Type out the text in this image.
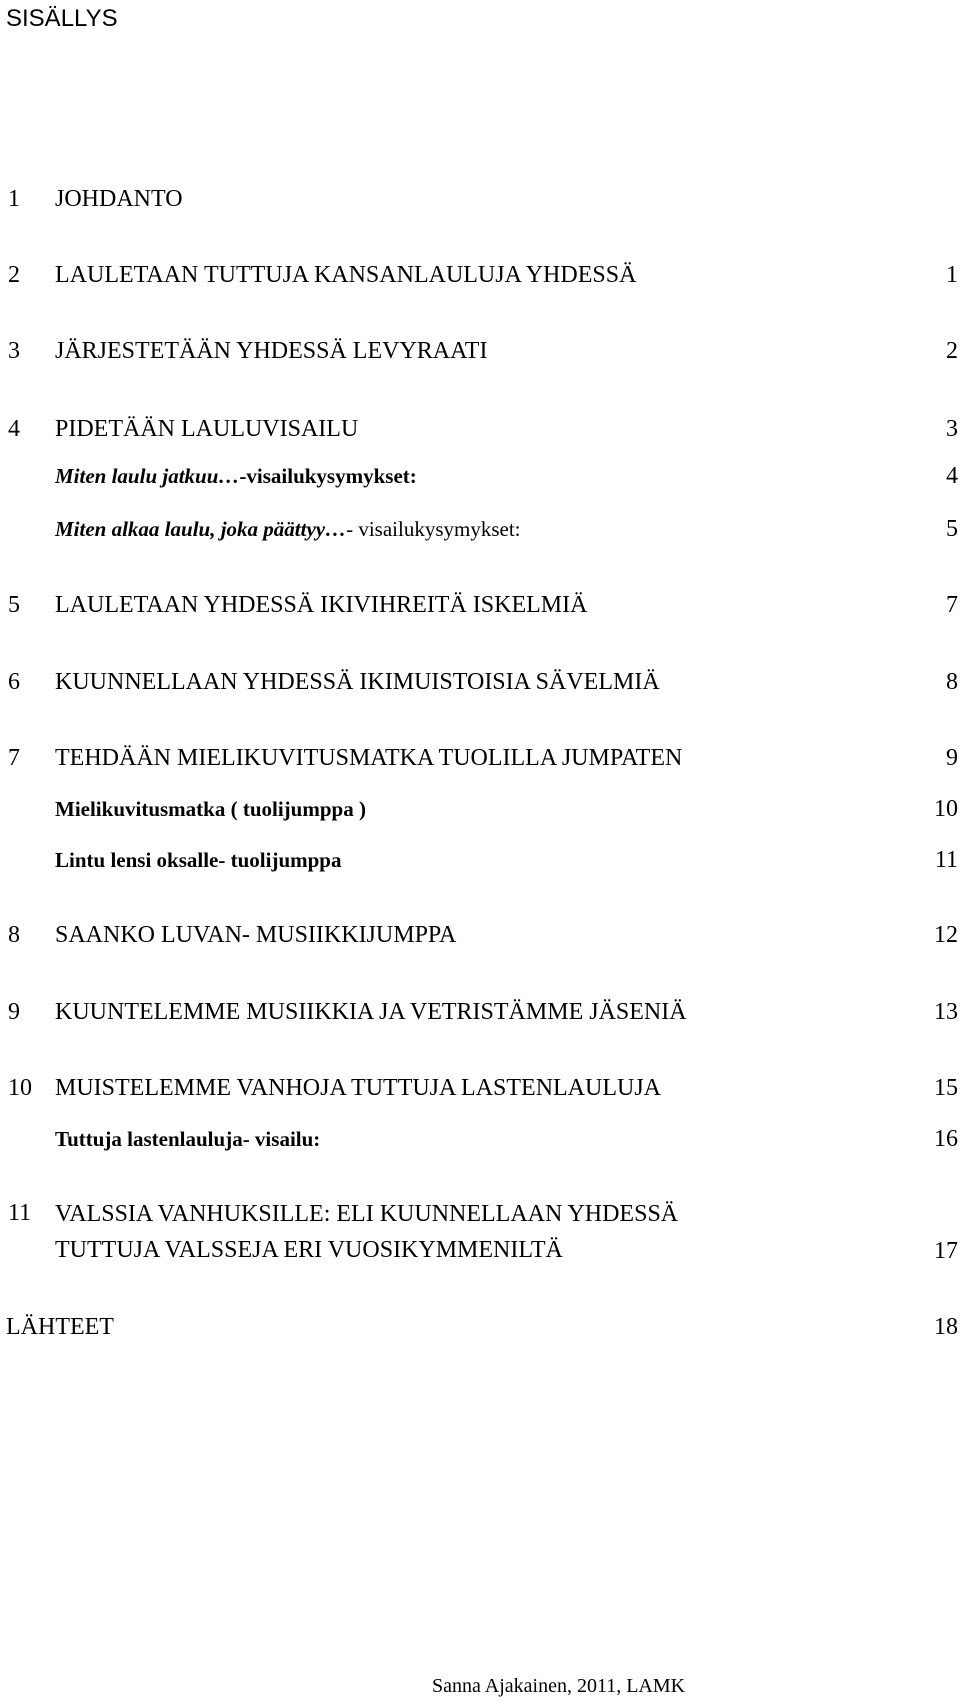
SISÄLLYS
1 JOHDANTO
2 LAULETAAN TUTTUJA KANSANLAULUJA YHDESSÄ	1
3 JÄRJESTETÄÄN YHDESSÄ LEVYRAATI	2
4 PIDETÄÄN LAULUVISAILU	3
Miten laulu jatkuu…-visailukysymykset:	4
Miten alkaa laulu, joka päättyy…- visailukysymykset:	5
5 LAULETAAN YHDESSÄ IKIVIHREITÄ ISKELMIÄ	7
6 KUUNNELLAAN YHDESSÄ IKIMUISTOISIA SÄVELMIÄ	8
7 TEHDÄÄN MIELIKUVITUSMATKA TUOLILLA JUMPATEN	9
Mielikuvitusmatka ( tuolijumppa )	10
Lintu lensi oksalle- tuolijumppa	11
8 SAANKO LUVAN- MUSIIKKIJUMPPA	12
9 KUUNTELEMME MUSIIKKIA JA VETRISTÄMME JÄSENIÄ	13
10 MUISTELEMME VANHOJA TUTTUJA LASTENLAULUJA	15
Tuttuja lastenlauluja- visailu:	16
11 VALSSIA VANHUKSILLE: ELI KUUNNELLAAN YHDESSÄ
TUTTUJA VALSSEJA ERI VUOSIKYMMENILTÄ	17
LÄHTEET	18
Sanna Ajakainen, 2011, LAMK
